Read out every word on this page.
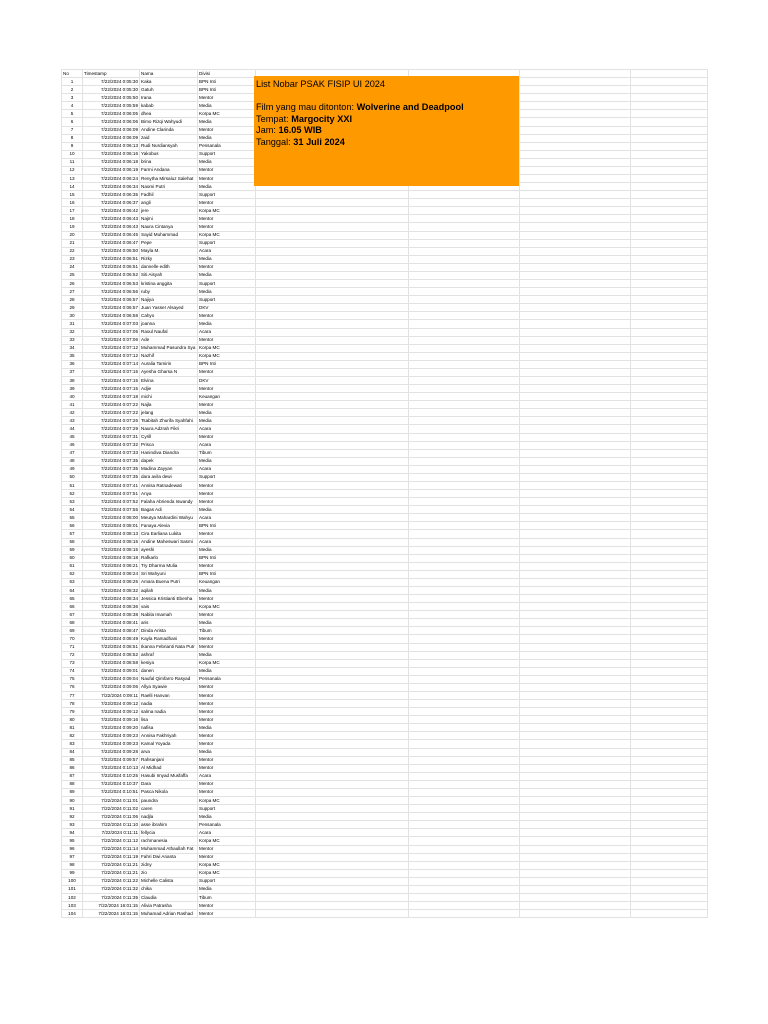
No	Timestamp	Nama	Divisi				
1	7/22/2024 0:05:30	Kaka	BPN Inti				
2	7/22/2024 0:05:30	Gatuh	BPN Inti				
3	7/22/2024 0:05:50	Irana	Mentor				
4	7/22/2024 0:05:59	kabab	Media				
5	7/22/2024 0:06:05	dhea	Korpa MC				
6	7/22/2024 0:06:06	Bimo Rizqi Wahyudi	Media				
7	7/22/2024 0:06:09	Andine Clarinda	Mentor				
8	7/22/2024 0:06:09	zaid	Media				
9	7/22/2024 0:06:13	Rudi Nurdiansyah	Pensanala				
10	7/22/2024 0:06:16	Yakobus	Support				
11	7/22/2024 0:06:18	brina	Media				
12	7/22/2024 0:06:19	Farmi Andana	Mentor				
13	7/22/2024 0:06:24	Renytha Mirsaluz Salehat	Mentor				
14	7/22/2024 0:06:34	Naomi Putri	Media				
15	7/22/2024 0:06:35	Fadhil	Support				
16	7/22/2024 0:06:37	angli	Mentor				
17	7/22/2024 0:06:42	jere	Korpa MC				
18	7/22/2024 0:06:43	Najmi	Mentor				
19	7/22/2024 0:06:43	Naura Cintanya	Mentor				
20	7/22/2024 0:06:45	Sayid Muhammad	Korpa MC				
21	7/22/2024 0:06:47	Pepe	Support				
22	7/22/2024 0:06:50	Mayla M.	Acara				
23	7/22/2024 0:06:51	Rizky	Media				
24	7/22/2024 0:06:51	dannelle edith	Mentor				
25	7/22/2024 0:06:52	Siti Aisyah	Media				
26	7/22/2024 0:06:53	kristina anggita	Support				
27	7/22/2024 0:06:56	ruby	Media				
28	7/22/2024 0:06:57	Najiya	Support				
29	7/22/2024 0:06:57	Juan Yasser Alsayed	DKV				
30	7/22/2024 0:06:58	Cahyo	Mentor				
31	7/22/2024 0:07:03	joanna	Media				
32	7/22/2024 0:07:05	Raoul Naufal	Acara				
33	7/22/2024 0:07:06	Ade	Mentor				
34	7/22/2024 0:07:12	Muhammad Pasundra Sya	Korpa MC				
35	7/22/2024 0:07:12	Nazhif	Korpa MC				
36	7/22/2024 0:07:14	Auralia Tamirin	BPN Inti				
37	7/22/2024 0:07:15	Ayesha Gharsa N	Mentor				
38	7/22/2024 0:07:15	Elvina	DKV				
39	7/22/2024 0:07:15	Adjie	Mentor				
40	7/22/2024 0:07:18	michi	Keuangan				
41	7/22/2024 0:07:22	Najla	Mentor				
42	7/22/2024 0:07:22	jelang	Media				
43	7/22/2024 0:07:26	Tsabitah Zhurifa Syahfahi	Media				
44	7/22/2024 0:07:29	Naura Adzrah Fikri	Acara				
45	7/22/2024 0:07:31	Cyrill	Mentor				
46	7/22/2024 0:07:32	Prisca	Acara				
47	7/22/2024 0:07:33	Hanindiva Diandra	Tibum				
48	7/22/2024 0:07:35	dapek	Media				
49	7/22/2024 0:07:35	Madina Zayyan	Acara				
50	7/22/2024 0:07:35	dara avila dewi	Support				
51	7/22/2024 0:07:41	Annisa Ratnadewati	Mentor				
52	7/22/2024 0:07:51	Anya	Mentor				
53	7/22/2024 0:07:52	Falaha Abrienda Iswandy	Mentor				
54	7/22/2024 0:07:55	Bagas Adi	Media				
55	7/22/2024 0:08:00	Meutya Mahardini Wahyu	Acara				
56	7/22/2024 0:08:01	Fanaya Alevia	BPN Inti				
57	7/22/2024 0:08:13	Cira Earliana Lukita	Mentor				
58	7/22/2024 0:08:15	Andine Maheswari Sasmi	Acara				
59	7/22/2024 0:08:15	ayeshi	Media				
60	7/22/2024 0:08:18	Rafkarlo	BPN Inti				
61	7/22/2024 0:08:21	Try Dharma Mulia	Mentor				
62	7/22/2024 0:08:24	Sri Wahyuni	BPN Inti				
63	7/22/2024 0:08:25	Amara Buena Putri	Keuangan				
64	7/22/2024 0:08:32	aqilah	Media				
65	7/22/2024 0:08:34	Jessica Kristianti Ebenha	Mentor				
66	7/22/2024 0:08:36	vais	Korpa MC				
67	7/22/2024 0:08:38	Nabila Imamah	Mentor				
68	7/22/2024 0:08:41	aris	Media				
69	7/22/2024 0:08:47	Dinda Arista	Tibum				
70	7/22/2024 0:08:49	Kayla Ramadhani	Mentor				
71	7/22/2024 0:08:51	Ikanna Febrianti Nata Putr	Mentor				
72	7/22/2024 0:08:52	ashraf	Media				
73	7/22/2024 0:08:58	kesiya	Korpa MC				
74	7/22/2024 0:09:01	danen	Media				
75	7/22/2024 0:09:04	Naufal Qimfarro Rasyad	Pensanala				
76	7/22/2024 0:09:06	Allya Syawie	Mentor				
77	7/22/2024 0:09:11	Raelli Hanvan	Mentor				
78	7/22/2024 0:09:12	nadia	Mentor				
79	7/22/2024 0:09:12	salma nadia	Mentor				
80	7/22/2024 0:09:16	lisa	Mentor				
81	7/22/2024 0:09:20	nafisa	Media				
82	7/22/2024 0:09:23	Annisa Fakhriyah	Mentor				
83	7/22/2024 0:09:23	Kamal Yoyada	Mentor				
84	7/22/2024 0:09:28	arva	Media				
85	7/22/2024 0:09:57	Rahsanjani	Mentor				
86	7/22/2024 0:10:13	Al Midhad	Mentor				
87	7/22/2024 0:10:25	Hasubi Imyad Musfaffa	Acara				
88	7/22/2024 0:10:37	Dara	Mentor				
89	7/22/2024 0:10:51	Pasca Nikola	Mentor				
90	7/22/2024 0:11:01	paundra	Korpa MC				
91	7/22/2024 0:11:02	caren	Support				
92	7/22/2024 0:11:06	nadjla	Media				
93	7/22/2024 0:11:10	asse ibrahim	Pensanala				
94	7/22/2024 0:11:11	fellycia	Acara				
95	7/22/2024 0:11:12	rachmanesia	Korpa MC				
96	7/22/2024 0:11:14	Muhammad Athaullah Fat	Mentor				
97	7/22/2024 0:11:19	Fahri Dwi Ananta	Mentor				
98	7/22/2024 0:11:21	zidny	Korpa MC				
99	7/22/2024 0:11:21	zio	Korpa MC				
100	7/22/2024 0:11:22	Michelle Calista	Support				
101	7/22/2024 0:11:32	chika	Media				
102	7/22/2024 0:11:35	Claudia	Tibum				
103	7/22/2024 16:01:15	Alivia Patrasha	Mentor				
104	7/22/2024 16:01:15	Muhamad Adrian Rashad	Mentor				
List Nobar PSAK FISIP UI 2024
Film yang mau ditonton: Wolverine and Deadpool
Tempat: Margocity XXI
Jam: 16.05 WIB
Tanggal: 31 Juli 2024
